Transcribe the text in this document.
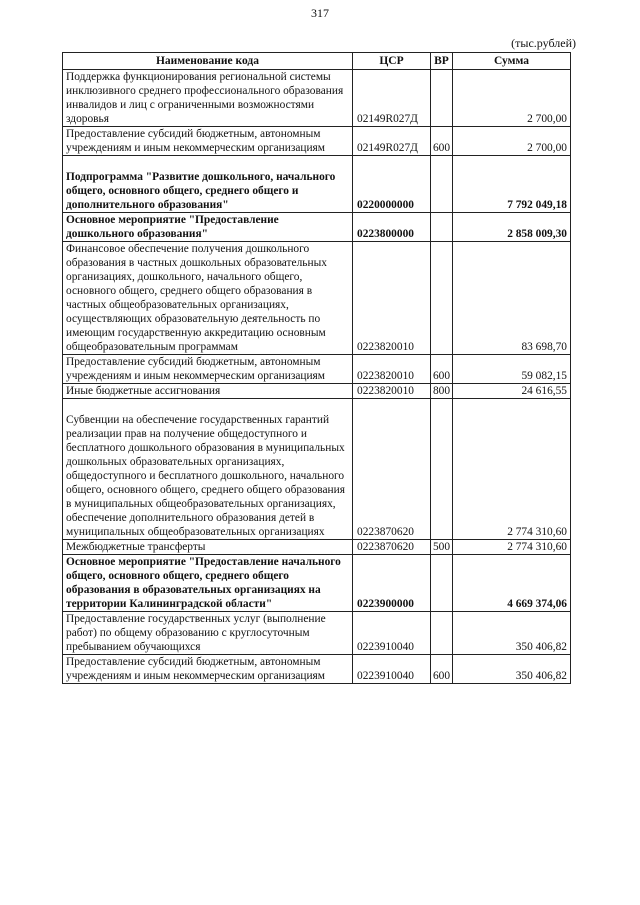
317
(тыс.рублей)
Наименование кода	ЦСР	ВР	Сумма
Поддержка функционирования региональной системы инклюзивного среднего профессионального образования инвалидов и лиц с ограниченными возможностями здоровья	02149R027Д		2 700,00
Предоставление субсидий бюджетным, автономным учреждениям и иным некоммерческим организациям	02149R027Д	600	2 700,00
Подпрограмма "Развитие дошкольного, начального общего, основного общего, среднего общего и дополнительного образования"	0220000000		7 792 049,18
Основное мероприятие "Предоставление дошкольного образования"	0223800000		2 858 009,30
Финансовое обеспечение получения дошкольного образования в частных дошкольных образовательных организациях, дошкольного, начального общего, основного общего, среднего общего образования в частных общеобразовательных организациях, осуществляющих образовательную деятельность по имеющим государственную аккредитацию основным общеобразовательным программам	0223820010		83 698,70
Предоставление субсидий бюджетным, автономным учреждениям и иным некоммерческим организациям	0223820010	600	59 082,15
Иные бюджетные ассигнования	0223820010	800	24 616,55
Субвенции на обеспечение государственных гарантий реализации прав на получение общедоступного и бесплатного дошкольного образования в муниципальных дошкольных образовательных организациях, общедоступного и бесплатного дошкольного, начального общего, основного общего, среднего общего образования в муниципальных общеобразовательных организациях, обеспечение дополнительного образования детей в муниципальных общеобразовательных организациях	0223870620		2 774 310,60
Межбюджетные трансферты	0223870620	500	2 774 310,60
Основное мероприятие "Предоставление начального общего, основного общего, среднего общего образования в образовательных организациях на территории Калининградской области"	0223900000		4 669 374,06
Предоставление государственных услуг (выполнение работ) по общему образованию с круглосуточным пребыванием обучающихся	0223910040		350 406,82
Предоставление субсидий бюджетным, автономным учреждениям и иным некоммерческим организациям	0223910040	600	350 406,82
